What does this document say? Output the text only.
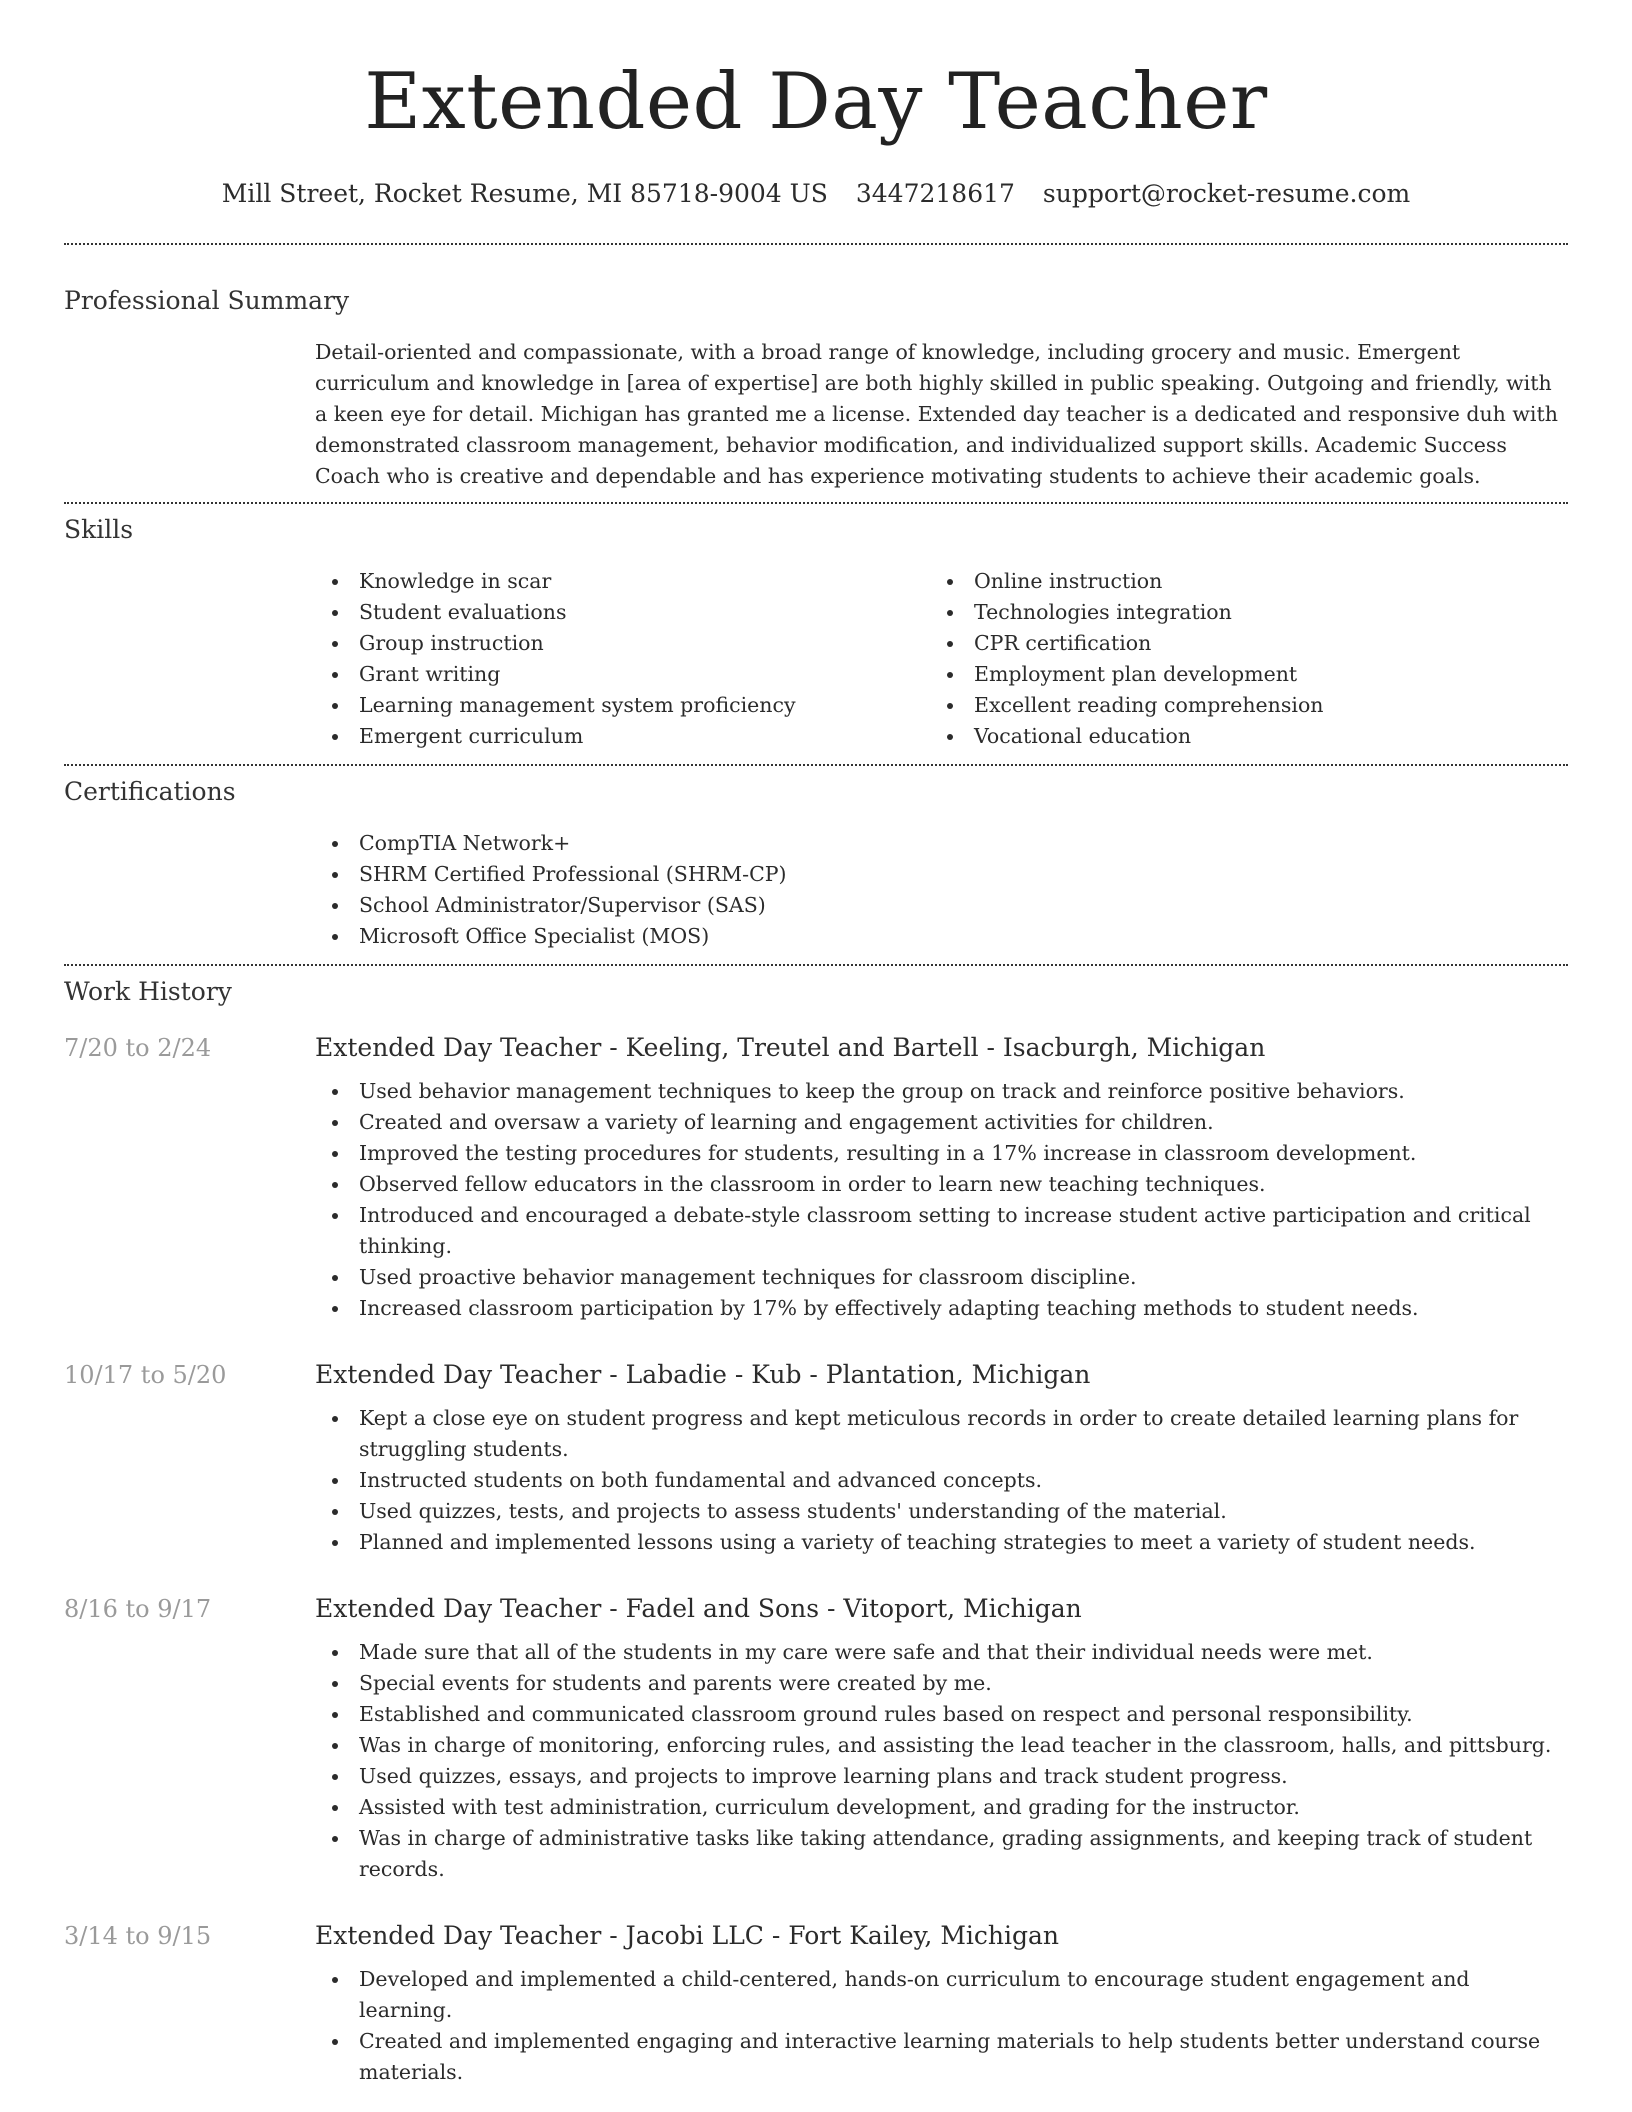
Extended Day Teacher
Mill Street, Rocket Resume, MI 85718-9004 US 3447218617 support@rocket-resume.com
Professional Summary
Detail-oriented and compassionate, with a broad range of knowledge, including grocery and music. Emergent curriculum and knowledge in [area of expertise] are both highly skilled in public speaking. Outgoing and friendly, with a keen eye for detail. Michigan has granted me a license. Extended day teacher is a dedicated and responsive duh with demonstrated classroom management, behavior modification, and individualized support skills. Academic Success Coach who is creative and dependable and has experience motivating students to achieve their academic goals.
Skills
Knowledge in scar
Student evaluations
Group instruction
Grant writing
Learning management system proficiency
Emergent curriculum
Online instruction
Technologies integration
CPR certification
Employment plan development
Excellent reading comprehension
Vocational education
Certifications
CompTIA Network+
SHRM Certified Professional (SHRM-CP)
School Administrator/Supervisor (SAS)
Microsoft Office Specialist (MOS)
Work History
7/20 to 2/24	Extended Day Teacher - Keeling, Treutel and Bartell - Isacburgh, Michigan
Used behavior management techniques to keep the group on track and reinforce positive behaviors.
Created and oversaw a variety of learning and engagement activities for children.
Improved the testing procedures for students, resulting in a 17% increase in classroom development.
Observed fellow educators in the classroom in order to learn new teaching techniques.
Introduced and encouraged a debate-style classroom setting to increase student active participation and critical thinking.
Used proactive behavior management techniques for classroom discipline.
Increased classroom participation by 17% by effectively adapting teaching methods to student needs.
10/17 to 5/20	Extended Day Teacher - Labadie - Kub - Plantation, Michigan
Kept a close eye on student progress and kept meticulous records in order to create detailed learning plans for struggling students.
Instructed students on both fundamental and advanced concepts.
Used quizzes, tests, and projects to assess students' understanding of the material.
Planned and implemented lessons using a variety of teaching strategies to meet a variety of student needs.
8/16 to 9/17	Extended Day Teacher - Fadel and Sons - Vitoport, Michigan
Made sure that all of the students in my care were safe and that their individual needs were met.
Special events for students and parents were created by me.
Established and communicated classroom ground rules based on respect and personal responsibility.
Was in charge of monitoring, enforcing rules, and assisting the lead teacher in the classroom, halls, and pittsburg.
Used quizzes, essays, and projects to improve learning plans and track student progress.
Assisted with test administration, curriculum development, and grading for the instructor.
Was in charge of administrative tasks like taking attendance, grading assignments, and keeping track of student records.
3/14 to 9/15	Extended Day Teacher - Jacobi LLC - Fort Kailey, Michigan
Developed and implemented a child-centered, hands-on curriculum to encourage student engagement and learning.
Created and implemented engaging and interactive learning materials to help students better understand course materials.
